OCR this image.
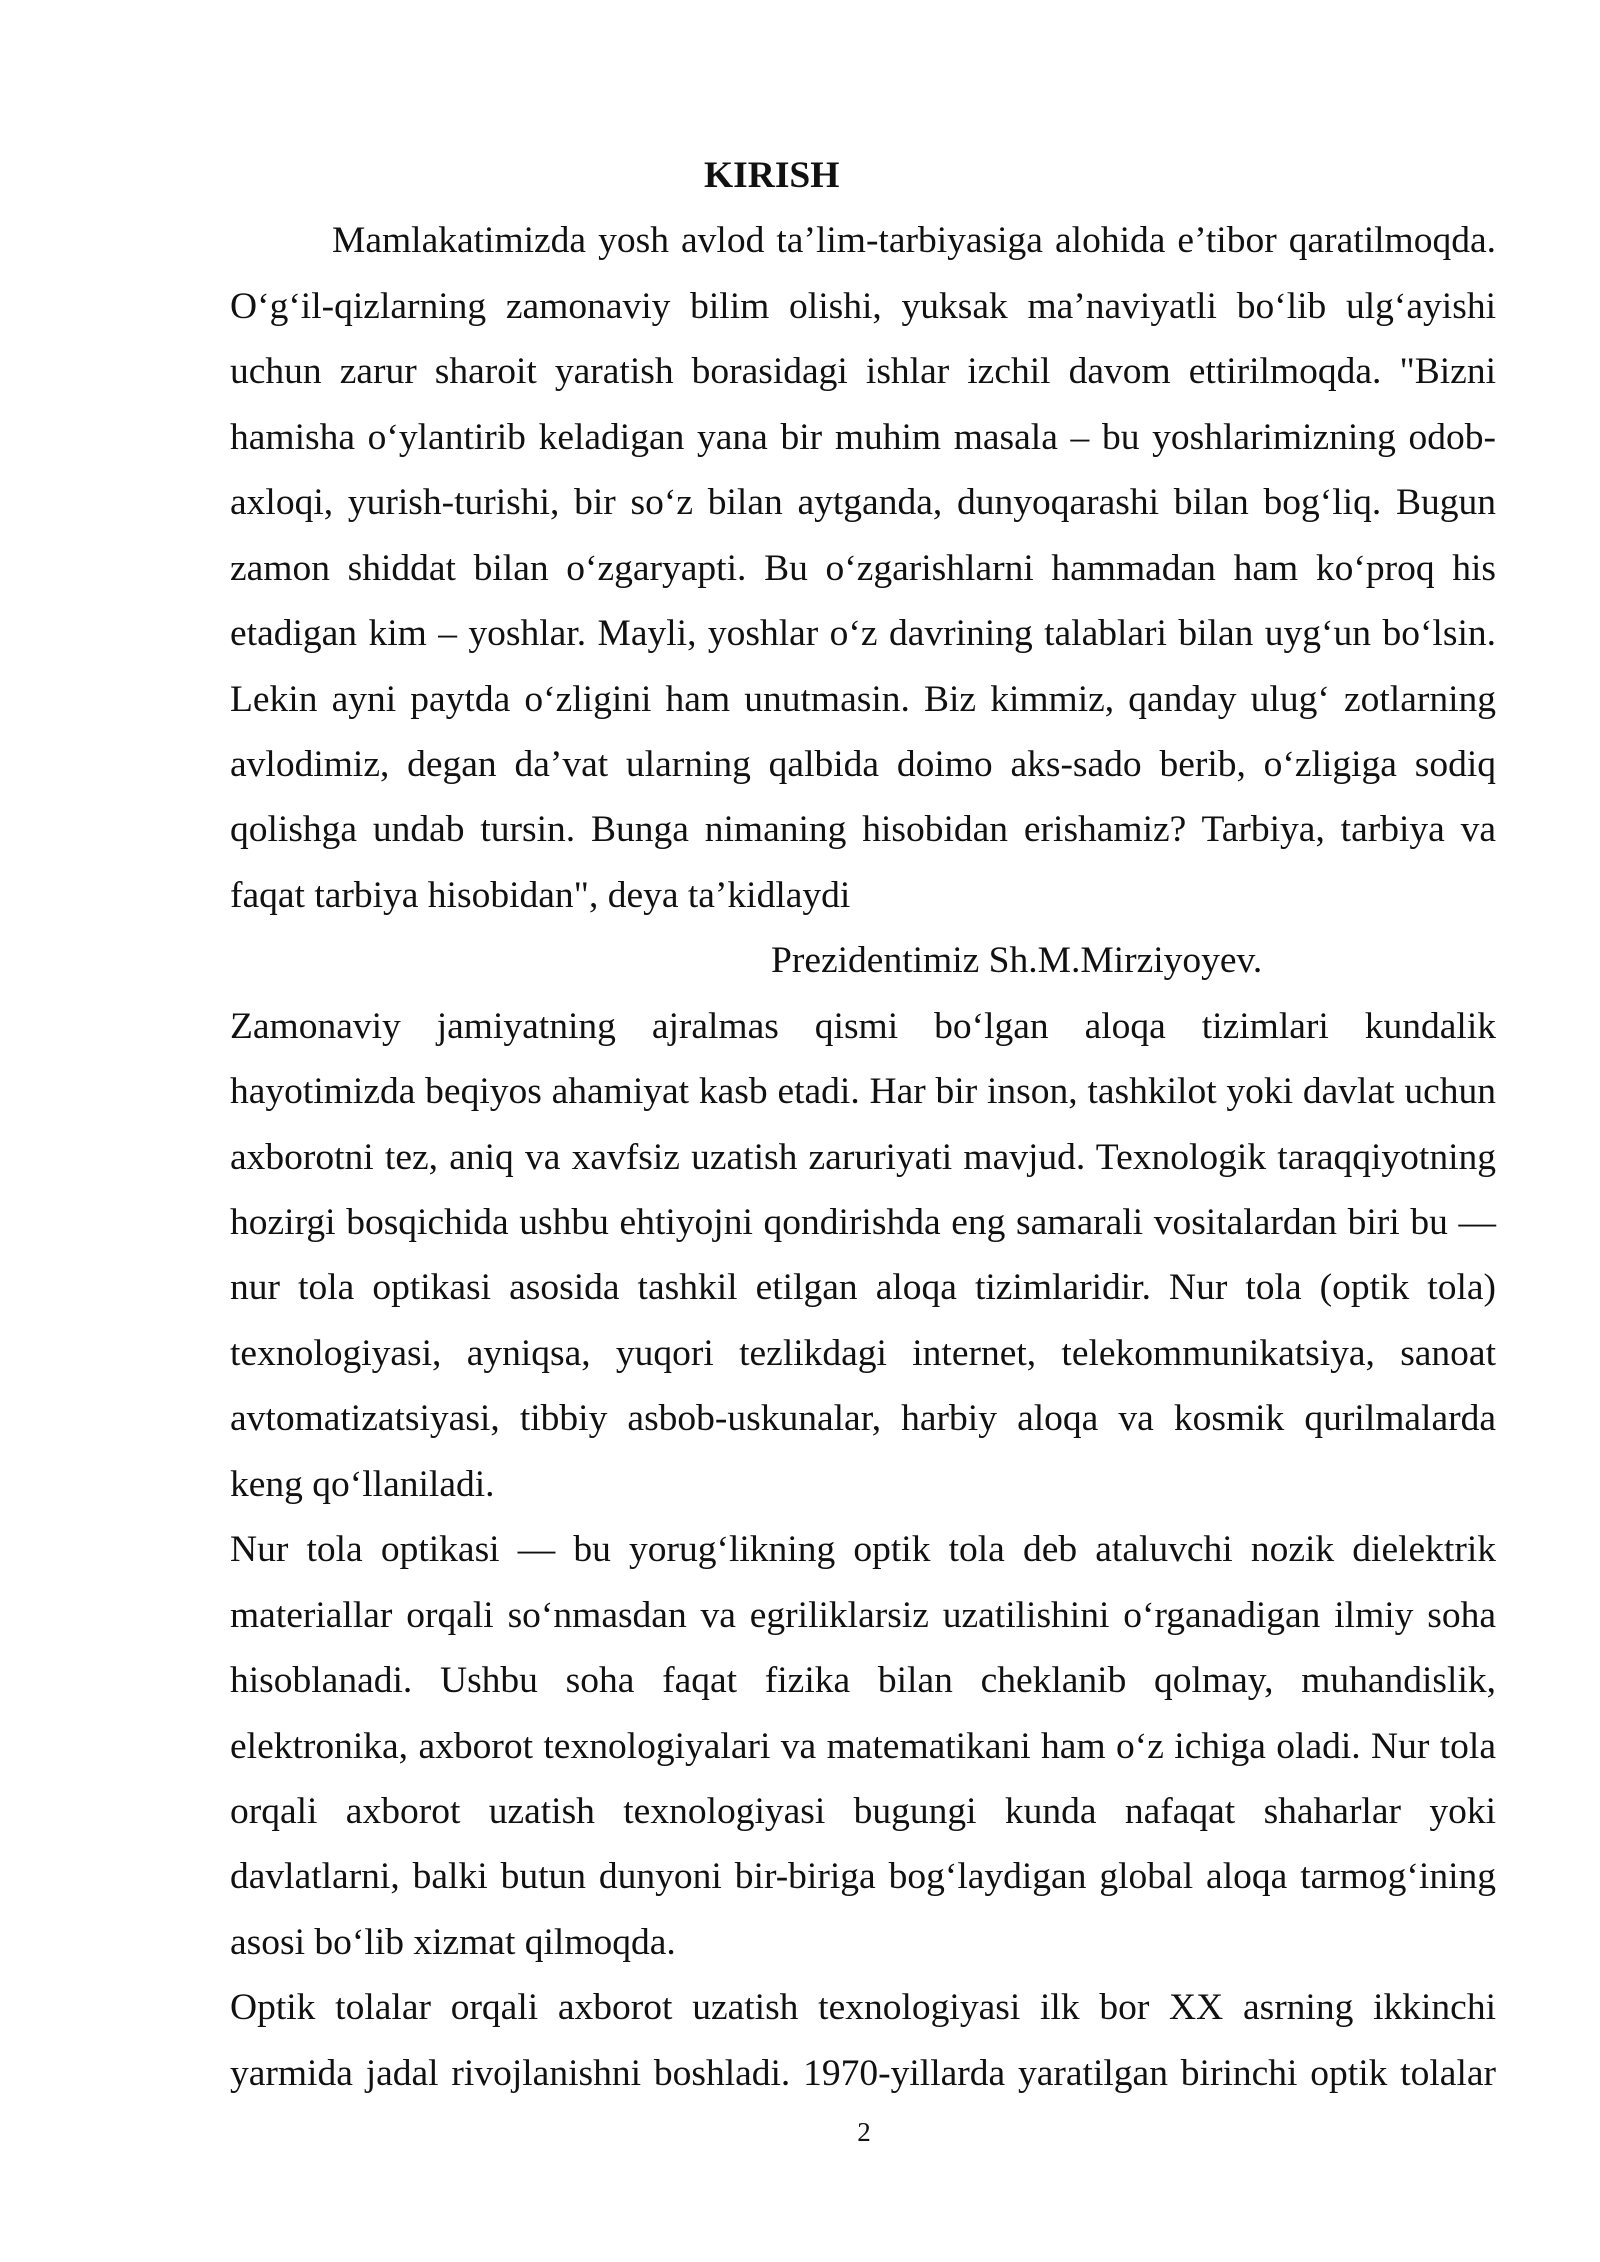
KIRISH
Mamlakatimizda yosh avlod ta’lim-tarbiyasiga alohida e’tibor qaratilmoqda.
O‘g‘il-qizlarning zamonaviy bilim olishi, yuksak ma’naviyatli bo‘lib ulg‘ayishi
uchun zarur sharoit yaratish borasidagi ishlar izchil davom ettirilmoqda. "Bizni
hamisha o‘ylantirib keladigan yana bir muhim masala – bu yoshlarimizning odob-
axloqi, yurish-turishi, bir so‘z bilan aytganda, dunyoqarashi bilan bog‘liq. Bugun
zamon shiddat bilan o‘zgaryapti. Bu o‘zgarishlarni hammadan ham ko‘proq his
etadigan kim – yoshlar. Mayli, yoshlar o‘z davrining talablari bilan uyg‘un bo‘lsin.
Lekin ayni paytda o‘zligini ham unutmasin. Biz kimmiz, qanday ulug‘ zotlarning
avlodimiz, degan da’vat ularning qalbida doimo aks-sado berib, o‘zligiga sodiq
qolishga undab tursin. Bunga nimaning hisobidan erishamiz? Tarbiya, tarbiya va
faqat tarbiya hisobidan", deya ta’kidlaydi
Prezidentimiz Sh.M.Mirziyoyev.
Zamonaviy jamiyatning ajralmas qismi bo‘lgan aloqa tizimlari kundalik
hayotimizda beqiyos ahamiyat kasb etadi. Har bir inson, tashkilot yoki davlat uchun
axborotni tez, aniq va xavfsiz uzatish zaruriyati mavjud. Texnologik taraqqiyotning
hozirgi bosqichida ushbu ehtiyojni qondirishda eng samarali vositalardan biri bu —
nur tola optikasi asosida tashkil etilgan aloqa tizimlaridir. Nur tola (optik tola)
texnologiyasi, ayniqsa, yuqori tezlikdagi internet, telekommunikatsiya, sanoat
avtomatizatsiyasi, tibbiy asbob-uskunalar, harbiy aloqa va kosmik qurilmalarda
keng qo‘llaniladi.
Nur tola optikasi — bu yorug‘likning optik tola deb ataluvchi nozik dielektrik
materiallar orqali so‘nmasdan va egriliklarsiz uzatilishini o‘rganadigan ilmiy soha
hisoblanadi. Ushbu soha faqat fizika bilan cheklanib qolmay, muhandislik,
elektronika, axborot texnologiyalari va matematikani ham o‘z ichiga oladi. Nur tola
orqali axborot uzatish texnologiyasi bugungi kunda nafaqat shaharlar yoki
davlatlarni, balki butun dunyoni bir-biriga bog‘laydigan global aloqa tarmog‘ining
asosi bo‘lib xizmat qilmoqda.
Optik tolalar orqali axborot uzatish texnologiyasi ilk bor XX asrning ikkinchi
yarmida jadal rivojlanishni boshladi. 1970-yillarda yaratilgan birinchi optik tolalar
2
